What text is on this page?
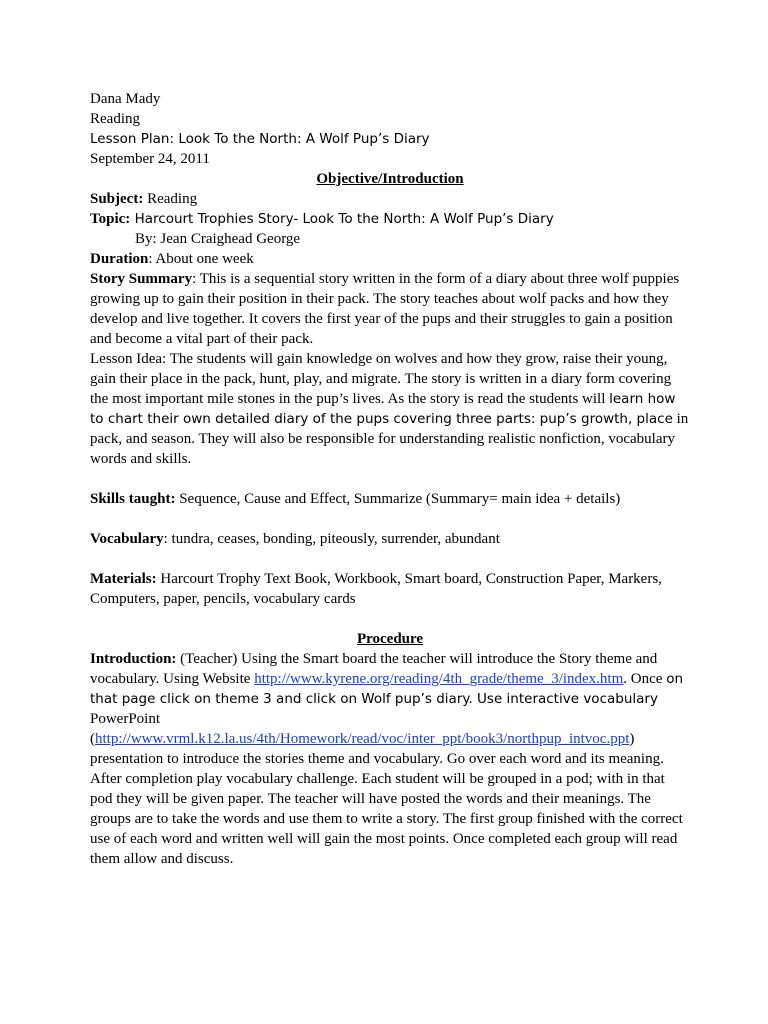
Dana Mady

Reading

Lesson Plan: Look To the North: A Wolf Pup’s Diary

September 24, 2011

Objective/Introduction

Subject: Reading

Topic: Harcourt Trophies Story- Look To the North: A Wolf Pup’s Diary

By: Jean Craighead George

Duration: About one week

Story Summary: This is a sequential story written in the form of a diary about three wolf puppies growing up to gain their position in their pack. The story teaches about wolf packs and how they develop and live together. It covers the first year of the pups and their struggles to gain a position and become a vital part of their pack.

Lesson Idea: The students will gain knowledge on wolves and how they grow, raise their young, gain their place in the pack, hunt, play, and migrate. The story is written in a diary form covering the most important mile stones in the pup’s lives. As the story is read the students will learn how to chart their own detailed diary of the pups covering three parts: pup’s growth, place in pack, and season. They will also be responsible for understanding realistic nonfiction, vocabulary words and skills.

Skills taught: Sequence, Cause and Effect, Summarize (Summary= main idea + details)

Vocabulary: tundra, ceases, bonding, piteously, surrender, abundant

Materials: Harcourt Trophy Text Book, Workbook, Smart board, Construction Paper, Markers, Computers, paper, pencils, vocabulary cards

Procedure

Introduction: (Teacher) Using the Smart board the teacher will introduce the Story theme and vocabulary. Using Website http://www.kyrene.org/reading/4th_grade/theme_3/index.htm. Once on that page click on theme 3 and click on Wolf pup’s diary. Use interactive vocabulary PowerPoint

(http://www.vrml.k12.la.us/4th/Homework/read/voc/inter_ppt/book3/northpup_intvoc.ppt)

presentation to introduce the stories theme and vocabulary. Go over each word and its meaning. After completion play vocabulary challenge. Each student will be grouped in a pod; with in that pod they will be given paper. The teacher will have posted the words and their meanings. The groups are to take the words and use them to write a story. The first group finished with the correct use of each word and written well will gain the most points. Once completed each group will read them allow and discuss.
